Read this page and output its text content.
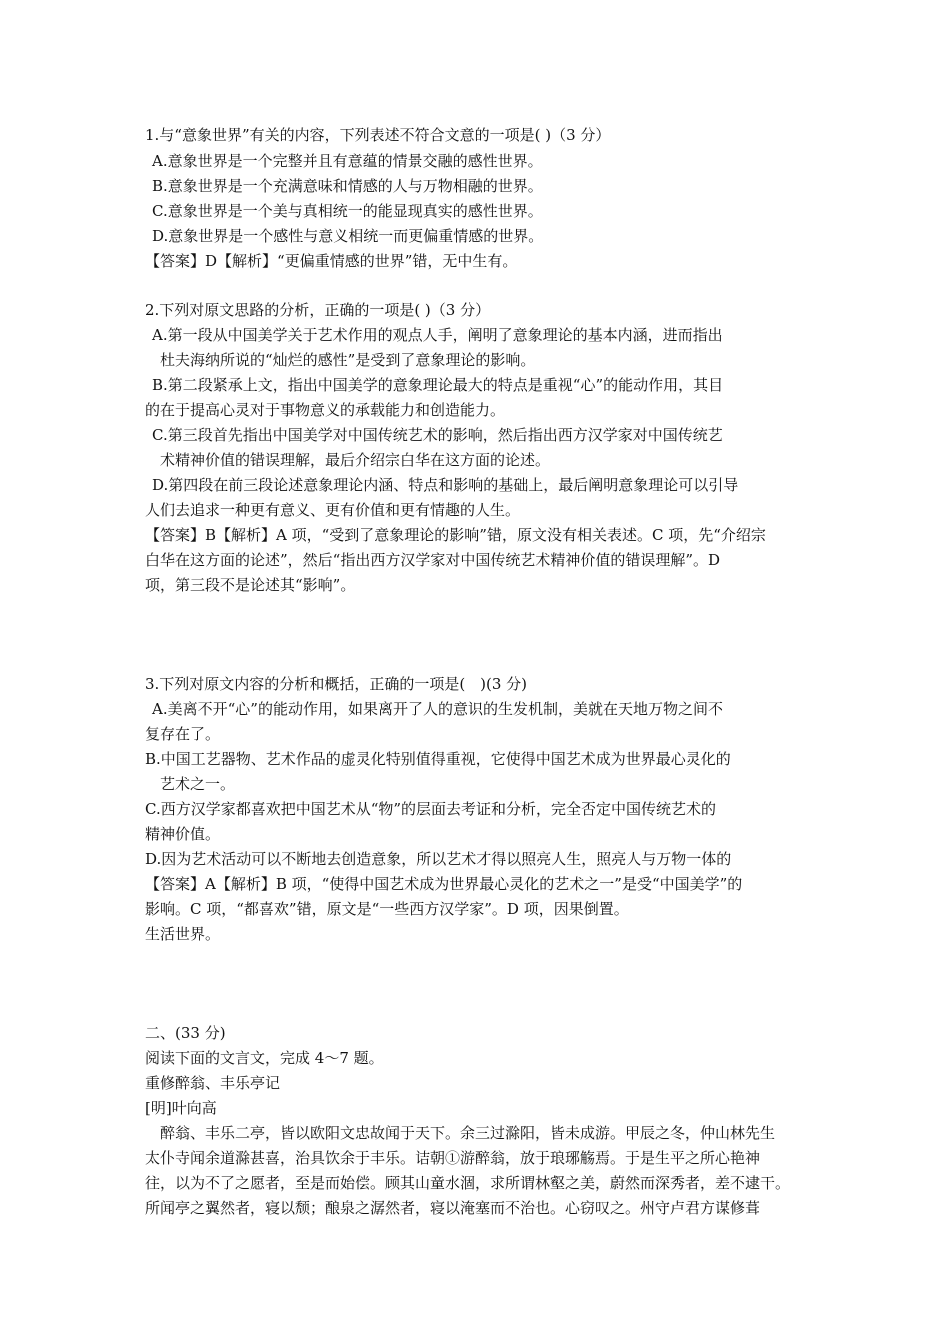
1.与“意象世界”有关的内容，下列表述不符合文意的一项是( )（3 分）
A.意象世界是一个完整并且有意蕴的情景交融的感性世界。
B.意象世界是一个充满意味和情感的人与万物相融的世界。
C.意象世界是一个美与真相统一的能显现真实的感性世界。
D.意象世界是一个感性与意义相统一而更偏重情感的世界。
【答案】D【解析】“更偏重情感的世界”错，无中生有。
2.下列对原文思路的分析，正确的一项是( )（3 分）
A.第一段从中国美学关于艺术作用的观点人手，阐明了意象理论的基本内涵，进而指出
杜夫海纳所说的“灿烂的感性”是受到了意象理论的影响。
B.第二段紧承上文，指出中国美学的意象理论最大的特点是重视“心”的能动作用，其目
的在于提高心灵对于事物意义的承载能力和创造能力。
C.第三段首先指出中国美学对中国传统艺术的影响，然后指出西方汉学家对中国传统艺
术精神价值的错误理解，最后介绍宗白华在这方面的论述。
D.第四段在前三段论述意象理论内涵、特点和影响的基础上，最后阐明意象理论可以引导
人们去追求一种更有意义、更有价值和更有情趣的人生。
【答案】B【解析】A 项，“受到了意象理论的影响”错，原文没有相关表述。C 项，先“介绍宗
白华在这方面的论述”，然后“指出西方汉学家对中国传统艺术精神价值的错误理解”。D
项，第三段不是论述其“影响”。
3.下列对原文内容的分析和概括，正确的一项是(　)(3 分)
A.美离不开“心”的能动作用，如果离开了人的意识的生发机制，美就在天地万物之间不
复存在了。
B.中国工艺器物、艺术作品的虚灵化特别值得重视，它使得中国艺术成为世界最心灵化的
艺术之一。
C.西方汉学家都喜欢把中国艺术从“物”的层面去考证和分析，完全否定中国传统艺术的
精神价值。
D.因为艺术活动可以不断地去创造意象，所以艺术才得以照亮人生，照亮人与万物一体的
【答案】A【解析】B 项，“使得中国艺术成为世界最心灵化的艺术之一”是受“中国美学”的
影响。C 项，“都喜欢”错，原文是“一些西方汉学家”。D 项，因果倒置。
生活世界。
二、(33 分)
阅读下面的文言文，完成 4～7 题。
重修醉翁、丰乐亭记
[明]叶向高
醉翁、丰乐二亭，皆以欧阳文忠故闻于天下。余三过滁阳，皆未成游。甲辰之冬，仲山林先生
太仆寺闻余道滁甚喜，治具饮余于丰乐。诘朝①游醉翁，放于琅琊觞焉。于是生平之所心艳神
往，以为不了之愿者，至是而始偿。顾其山童水涸，求所谓林壑之美，蔚然而深秀者，差不逮干。
所闻亭之翼然者，寝以颓；酿泉之潺然者，寝以淹塞而不治也。心窃叹之。州守卢君方谋修葺
